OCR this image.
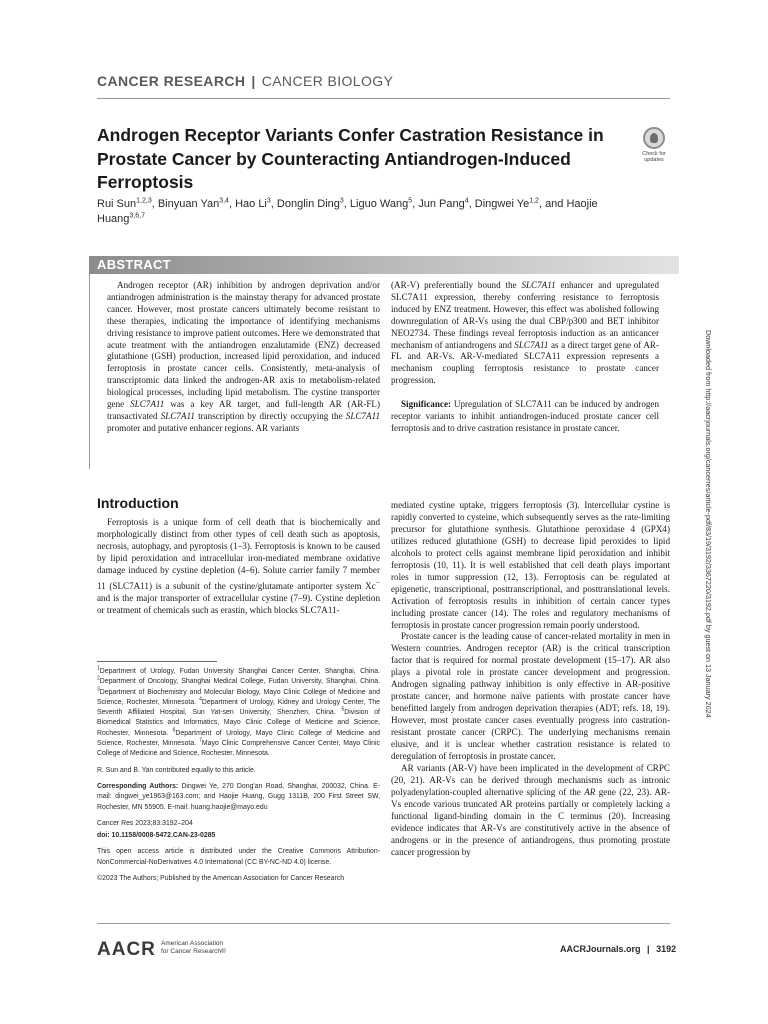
CANCER RESEARCH | CANCER BIOLOGY
Androgen Receptor Variants Confer Castration Resistance in Prostate Cancer by Counteracting Antiandrogen-Induced Ferroptosis
Check for updates
Rui Sun$^{1,2,3}$, Binyuan Yan$^{3,4}$, Hao Li$^3$, Donglin Ding$^3$, Liguo Wang$^5$, Jun Pang$^4$, Dingwei Ye$^{1,2}$, and Haojie Huang$^{3,6,7}$
ABSTRACT

Androgen receptor (AR) inhibition by androgen deprivation and/or antiandrogen administration is the mainstay therapy for advanced prostate cancer. However, most prostate cancers ultimately become resistant to these therapies, indicating the importance of identifying mechanisms driving resistance to improve patient outcomes. Here we demonstrated that acute treatment with the antiandrogen enzalutamide (ENZ) decreased glutathione (GSH) production, increased lipid peroxidation, and induced ferroptosis in prostate cancer cells. Consistently, meta-analysis of transcriptomic data linked the androgen-AR axis to metabolism-related biological processes, including lipid metabolism. The cystine transporter gene SLC7A11 was a key AR target, and full-length AR (AR-FL) transactivated SLC7A11 transcription by directly occupying the SLC7A11 promoter and putative enhancer regions. AR variants

(AR-V) preferentially bound the SLC7A11 enhancer and upregulated SLC7A11 expression, thereby conferring resistance to ferroptosis induced by ENZ treatment. However, this effect was abolished following downregulation of AR-Vs using the dual CBP/p300 and BET inhibitor NEO2734. These findings reveal ferroptosis induction as an anticancer mechanism of antiandrogens and SLC7A11 as a direct target gene of AR-FL and AR-Vs. AR-V-mediated SLC7A11 expression represents a mechanism coupling ferroptosis resistance to prostate cancer progression.

Significance: Upregulation of SLC7A11 can be induced by androgen receptor variants to inhibit antiandrogen-induced prostate cancer cell ferroptosis and to drive castration resistance in prostate cancer.	Downloaded from http://aacrjournals.org/cancerres/article-pdf/83/19/3192/3367220/3192.pdf by guest on 13 January 2024
Introduction

Ferroptosis is a unique form of cell death that is biochemically and morphologically distinct from other types of cell death such as apoptosis, necrosis, autophagy, and pyroptosis (1–3). Ferroptosis is known to be caused by lipid peroxidation and intracellular iron-mediated membrane oxidative damage induced by cystine depletion (4–6). Solute carrier family 7 member 11 (SLC7A11) is a subunit of the cystine/glutamate antiporter system Xc− and is the major transporter of extracellular cystine (7–9). Cystine depletion or treatment of chemicals such as erastin, which blocks SLC7A11-

$^1$Department of Urology, Fudan University Shanghai Cancer Center, Shanghai, China. $^2$Department of Oncology, Shanghai Medical College, Fudan University, Shanghai, China. $^3$Department of Biochemistry and Molecular Biology, Mayo Clinic College of Medicine and Science, Rochester, Minnesota. $^4$Department of Urology, Kidney and Urology Center, The Seventh Affiliated Hospital, Sun Yat-sen University, Shenzhen, China. $^5$Division of Biomedical Statistics and Informatics, Mayo Clinic College of Medicine and Science, Rochester, Minnesota. $^6$Department of Urology, Mayo Clinic College of Medicine and Science, Rochester, Minnesota. $^7$Mayo Clinic Comprehensive Cancer Center, Mayo Clinic College of Medicine and Science, Rochester, Minnesota.
R. Sun and B. Yan contributed equally to this article.
Corresponding Authors: Dingwei Ye, 270 Dong'an Road, Shanghai, 200032, China. E-mail: dingwei_ye1963@163.com; and Haojie Huang, Gugg 1311B, 200 First Street SW, Rochester, MN 55905. E-mail: huang.haojie@mayo.edu
Cancer Res 2023;83:3192–204
doi: 10.1158/0008-5472.CAN-23-0285
This open access article is distributed under the Creative Commons Attribution-NonCommercial-NoDerivatives 4.0 International (CC BY-NC-ND 4.0) license.
©2023 The Authors; Published by the American Association for Cancer Research

mediated cystine uptake, triggers ferroptosis (3). Intercellular cystine is rapidly converted to cysteine, which subsequently serves as the rate-limiting precursor for glutathione synthesis. Glutathione peroxidase 4 (GPX4) utilizes reduced glutathione (GSH) to decrease lipid peroxides to lipid alcohols to protect cells against membrane lipid peroxidation and inhibit ferroptosis (10, 11). It is well established that cell death plays important roles in tumor suppression (12, 13). Ferroptosis can be regulated at epigenetic, transcriptional, posttranscriptional, and posttranslational levels. Activation of ferroptosis results in inhibition of certain cancer types including prostate cancer (14). The roles and regulatory mechanisms of ferroptosis in prostate cancer progression remain poorly understood.

Prostate cancer is the leading cause of cancer-related mortality in men in Western countries. Androgen receptor (AR) is the critical transcription factor that is required for normal prostate development (15–17). AR also plays a pivotal role in prostate cancer development and progression. Androgen signaling pathway inhibition is only effective in AR-positive prostate cancer, and hormone naïve patients with prostate cancer have benefitted largely from androgen deprivation therapies (ADT; refs. 18, 19). However, most prostate cancer cases eventually progress into castration-resistant prostate cancer (CRPC). The underlying mechanisms remain elusive, and it is unclear whether castration resistance is related to deregulation of ferroptosis in prostate cancer.

AR variants (AR-V) have been implicated in the development of CRPC (20, 21). AR-Vs can be derived through mechanisms such as intronic polyadenylation-coupled alternative splicing of the AR gene (22, 23). AR-Vs encode various truncated AR proteins partially or completely lacking a functional ligand-binding domain in the C terminus (20). Increasing evidence indicates that AR-Vs are constitutively active in the absence of androgens or in the presence of antiandrogens, thus promoting prostate cancer progression by

AACR American Association
for Cancer Research®	AACRJournals.org | 3192
